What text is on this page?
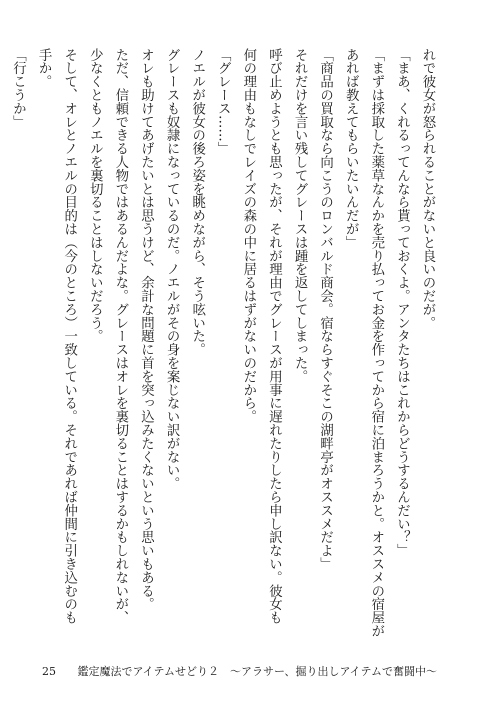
れで彼女が怒られることがないと良いのだが。
「まあ、くれるってんなら貰っておくよ。アンタたちはこれからどうするんだい？」
「まずは採取した薬草なんかを売り払ってお金を作ってから宿に泊まろうかと。オススメの宿屋が
あれば教えてもらいたいんだが」
「商品の買取なら向こうのロンバルド商会。宿ならすぐそこの湖畔亭がオススメだよ」
それだけを言い残してグレースは踵を返してしまった。
呼び止めようとも思ったが、それが理由でグレースが用事に遅れたりしたら申し訳ない。彼女も
何の理由もなしでレイズの森の中に居るはずがないのだから。
「グレース……」
ノエルが彼女の後ろ姿を眺めながら、そう呟いた。
グレースも奴隷になっているのだ。ノエルがその身を案じない訳がない。
オレも助けてあげたいとは思うけど、余計な問題に首を突っ込みたくないという思いもある。
ただ、信頼できる人物ではあるんだよな。グレースはオレを裏切ることはするかもしれないが、
少なくともノエルを裏切ることはしないだろう。
そして、オレとノエルの目的は（今のところ）一致している。それであれば仲間に引き込むのも
手か。
「行こうか」
25 鑑定魔法でアイテムせどり２　～アラサー、掘り出しアイテムで奮闘中～
